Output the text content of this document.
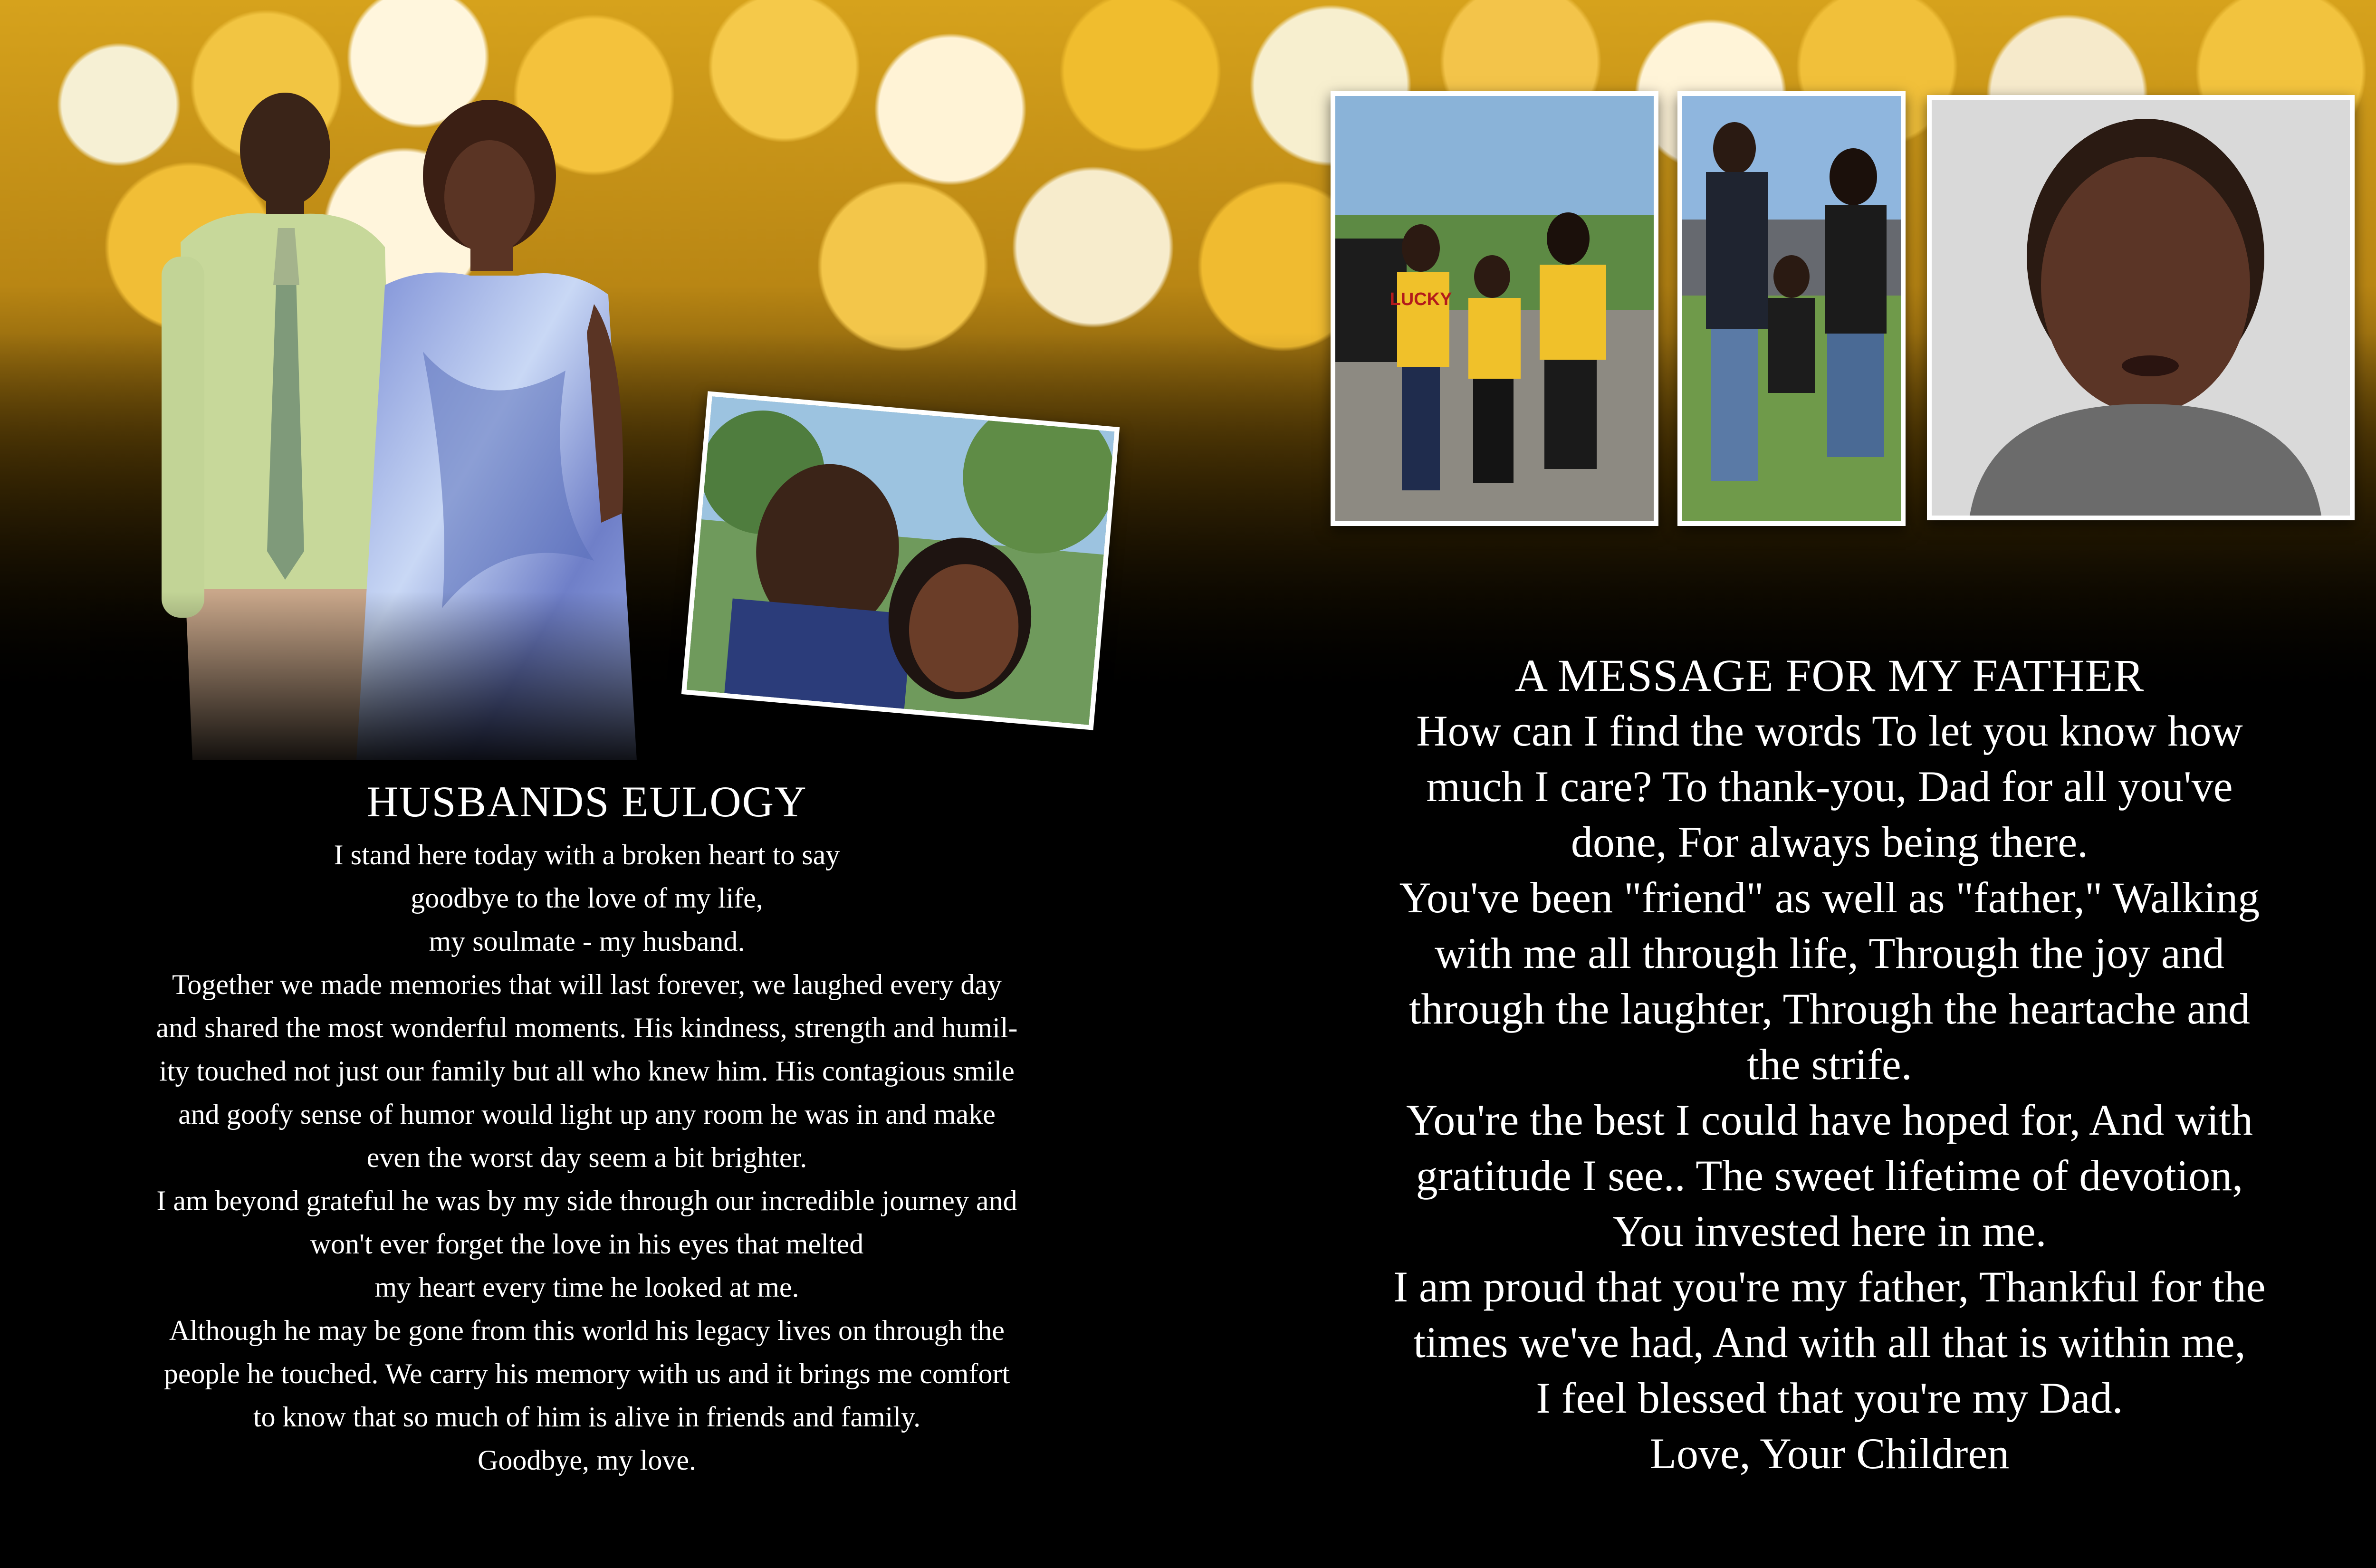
LUCKY
HUSBANDS EULOGY

I stand here today with a broken heart to say

goodbye to the love of my life,

my soulmate - my husband.

Together we made memories that will last forever, we laughed every day

and shared the most wonderful moments. His kindness, strength and humil-

ity touched not just our family but all who knew him. His contagious smile

and goofy sense of humor would light up any room he was in and make

even the worst day seem a bit brighter.

I am beyond grateful he was by my side through our incredible journey and

won't ever forget the love in his eyes that melted

my heart every time he looked at me.

Although he may be gone from this world his legacy lives on through the

people he touched. We carry his memory with us and it brings me comfort

to know that so much of him is alive in friends and family.

Goodbye, my love.

A MESSAGE FOR MY FATHER

How can I find the words To let you know how

much I care? To thank-you, Dad for all you've

done, For always being there.

You've been "friend" as well as "father," Walking

with me all through life, Through the joy and

through the laughter, Through the heartache and

the strife.

You're the best I could have hoped for, And with

gratitude I see.. The sweet lifetime of devotion,

You invested here in me.

I am proud that you're my father, Thankful for the

times we've had, And with all that is within me,

I feel blessed that you're my Dad.

Love, Your Children
